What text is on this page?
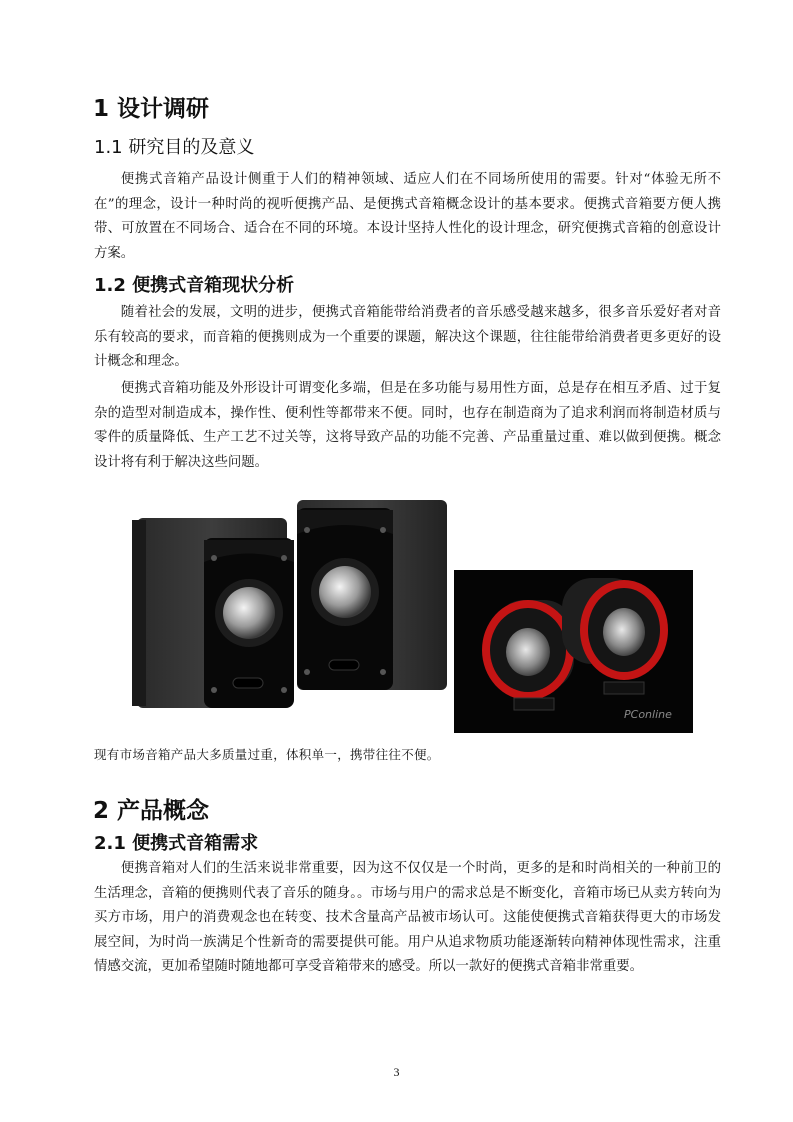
1 设计调研
1.1 研究目的及意义

便携式音箱产品设计侧重于人们的精神领域、适应人们在不同场所使用的需要。针对“体验无所不在”的理念，设计一种时尚的视听便携产品、是便携式音箱概念设计的基本要求。便携式音箱要方便人携带、可放置在不同场合、适合在不同的环境。本设计坚持人性化的设计理念，研究便携式音箱的创意设计方案。

1.2 便携式音箱现状分析

随着社会的发展，文明的进步，便携式音箱能带给消费者的音乐感受越来越多，很多音乐爱好者对音乐有较高的要求，而音箱的便携则成为一个重要的课题，解决这个课题，往往能带给消费者更多更好的设计概念和理念。

便携式音箱功能及外形设计可谓变化多端，但是在多功能与易用性方面，总是存在相互矛盾、过于复杂的造型对制造成本，操作性、便利性等都带来不便。同时，也存在制造商为了追求利润而将制造材质与零件的质量降低、生产工艺不过关等，这将导致产品的功能不完善、产品重量过重、难以做到便携。概念设计将有利于解决这些问题。

PConline
现有市场音箱产品大多质量过重，体积单一，携带往往不便。
2 产品概念
2.1 便携式音箱需求

便携音箱对人们的生活来说非常重要，因为这不仅仅是一个时尚，更多的是和时尚相关的一种前卫的生活理念，音箱的便携则代表了音乐的随身。。市场与用户的需求总是不断变化，音箱市场已从卖方转向为买方市场，用户的消费观念也在转变、技术含量高产品被市场认可。这能使便携式音箱获得更大的市场发展空间，为时尚一族满足个性新奇的需要提供可能。用户从追求物质功能逐渐转向精神体现性需求，注重情感交流，更加希望随时随地都可享受音箱带来的感受。所以一款好的便携式音箱非常重要。

3
